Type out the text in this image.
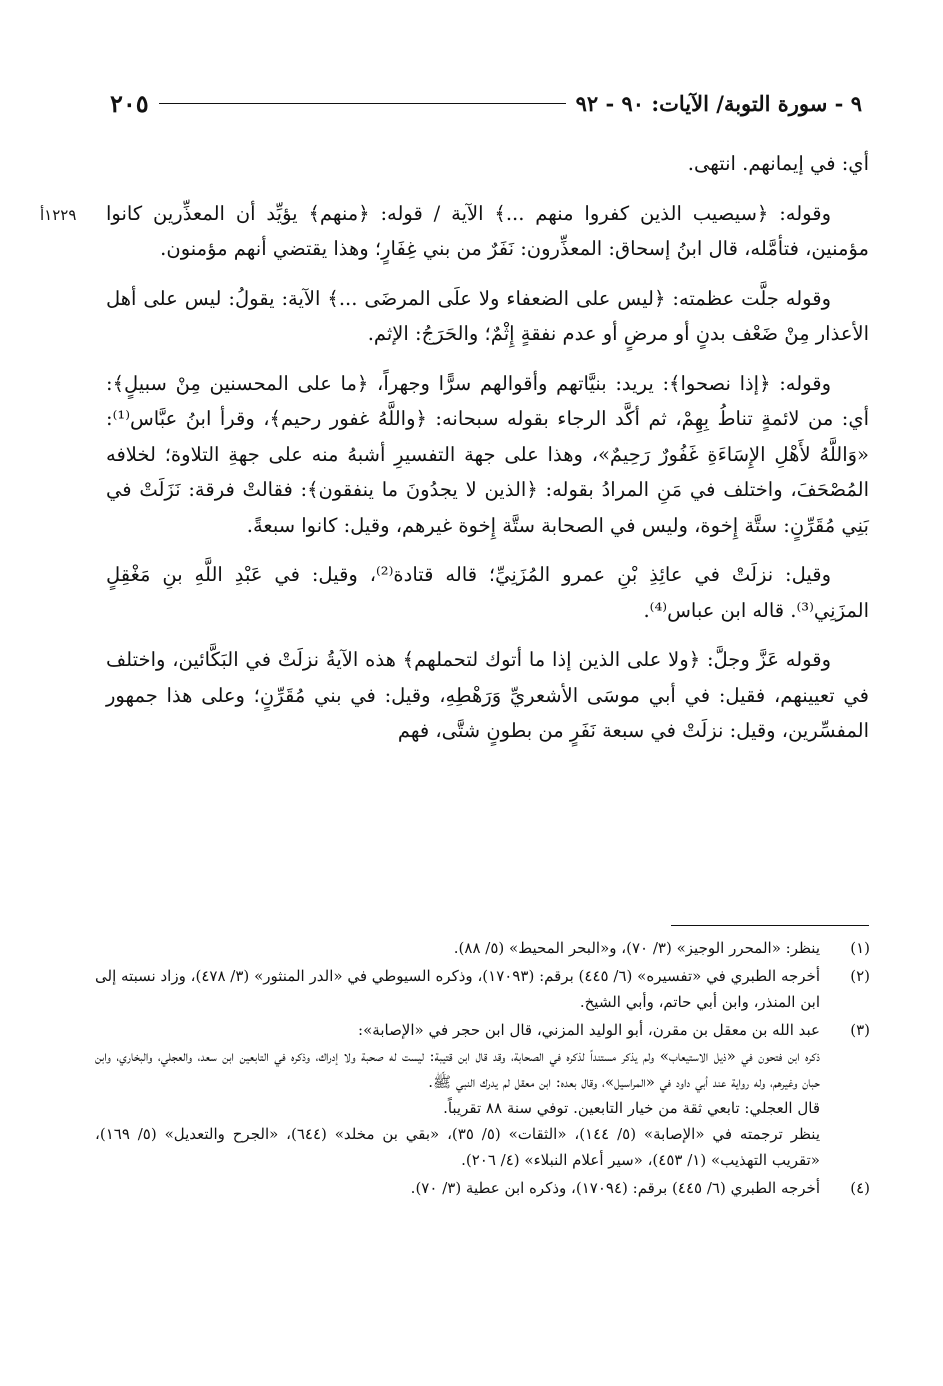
٩ - سورة التوبة/ الآيات: ٩٠ - ٩٢
٢٠٥
١٢٢٩أ

أي: في إيمانهم. انتهى.

وقوله: ﴿سيصيب الذين كفروا منهم ...﴾ الآية / قوله: ﴿منهم﴾ يؤيِّد أن المعذِّرين كانوا مؤمنين، فتأمَّله، قال ابنُ إسحاق: المعذِّرون: نَفَرٌ من بني غِفَارٍ؛ وهذا يقتضي أنهم مؤمنون.

وقوله جلَّت عظمته: ﴿ليس على الضعفاء ولا علَى المرضَى ...﴾ الآية: يقولُ: ليس على أهل الأعذار مِنْ ضَعْف بدنٍ أو مرضٍ أو عدم نفقةٍ إِثْمٌ؛ والحَرَجُ: الإثم.

وقوله: ﴿إذا نصحوا﴾: يريد: بنيَّاتهم وأقوالهم سرًّا وجهراً، ﴿ما على المحسنين مِنْ سبيلٍ﴾: أي: من لائمةٍ تناطُ بِهِمْ، ثم أكَّد الرجاء بقوله سبحانه: ﴿واللَّهُ غفور رحيم﴾، وقرأ ابنُ عبَّاس⁽¹⁾: «وَاللَّهُ لأَهْلِ الإِسَاءَةِ غَفُورٌ رَحِيمٌ»، وهذا على جهة التفسيرِ أشبهُ منه على جهةِ التلاوة؛ لخلافه المُصْحَفَ، واختلف في مَنِ المرادُ بقوله: ﴿الذين لا يجدُونَ ما ينفقون﴾: فقالتْ فرقة: نَزَلَتْ في بَنِي مُقَرِّنٍ: ستَّة إِخوة، وليس في الصحابة ستَّة إِخوة غيرهم، وقيل: كانوا سبعةً.

وقيل: نزلَتْ في عائِذِ بْنِ عمرو المُزَنِيِّ؛ قاله قتادة⁽²⁾، وقيل: في عَبْدِ اللَّهِ بنِ مَغْقِلٍ المزَنِي⁽³⁾. قاله ابن عباس⁽⁴⁾.

وقوله عَزَّ وجلَّ: ﴿ولا على الذين إذا ما أتوك لتحملهم﴾ هذه الآيةُ نزلَتْ في البَكَّائين، واختلف في تعيينهم، فقيل: في أبي موسَى الأشعريِّ وَرَهْطِهِ، وقيل: في بني مُقَرِّنٍ؛ وعلى هذا جمهور المفسِّرين، وقيل: نزلَتْ في سبعة نَفَرٍ من بطونٍ شتَّى، فهم

(١)
ينظر: «المحرر الوجيز» (٣/ ٧٠)، و«البحر المحيط» (٥/ ٨٨).
(٢)
أخرجه الطبري في «تفسيره» (٦/ ٤٤٥) برقم: (١٧٠٩٣)، وذكره السيوطي في «الدر المنثور» (٣/ ٤٧٨)، وزاد نسبته إلى ابن المنذر، وابن أبي حاتم، وأبي الشيخ.
(٣)
عبد الله بن معقل بن مقرن، أبو الوليد المزني، قال ابن حجر في «الإصابة»:
ذكره ابن فتحون في «ذيل الاستيعاب» ولم يذكر مستنداً لذكره في الصحابة، وقد قال ابن قتيبة: ليست له صحبة ولا إدراك، وذكره في التابعين ابن سعد، والعجلي، والبخاري، وابن حبان وغيرهم، وله رواية عند أبي داود في «المراسيل»، وقال بعده: ابن معقل لم يدرك النبي ﷺ.
قال العجلي: تابعي ثقة من خيار التابعين. توفي سنة ٨٨ تقريباً.
ينظر ترجمته في «الإصابة» (٥/ ١٤٤)، «الثقات» (٥/ ٣٥)، «بقي بن مخلد» (٦٤٤)، «الجرح والتعديل» (٥/ ١٦٩)، «تقريب التهذيب» (١/ ٤٥٣)، «سير أعلام النبلاء» (٤/ ٢٠٦).
(٤)
أخرجه الطبري (٦/ ٤٤٥) برقم: (١٧٠٩٤)، وذكره ابن عطية (٣/ ٧٠).
